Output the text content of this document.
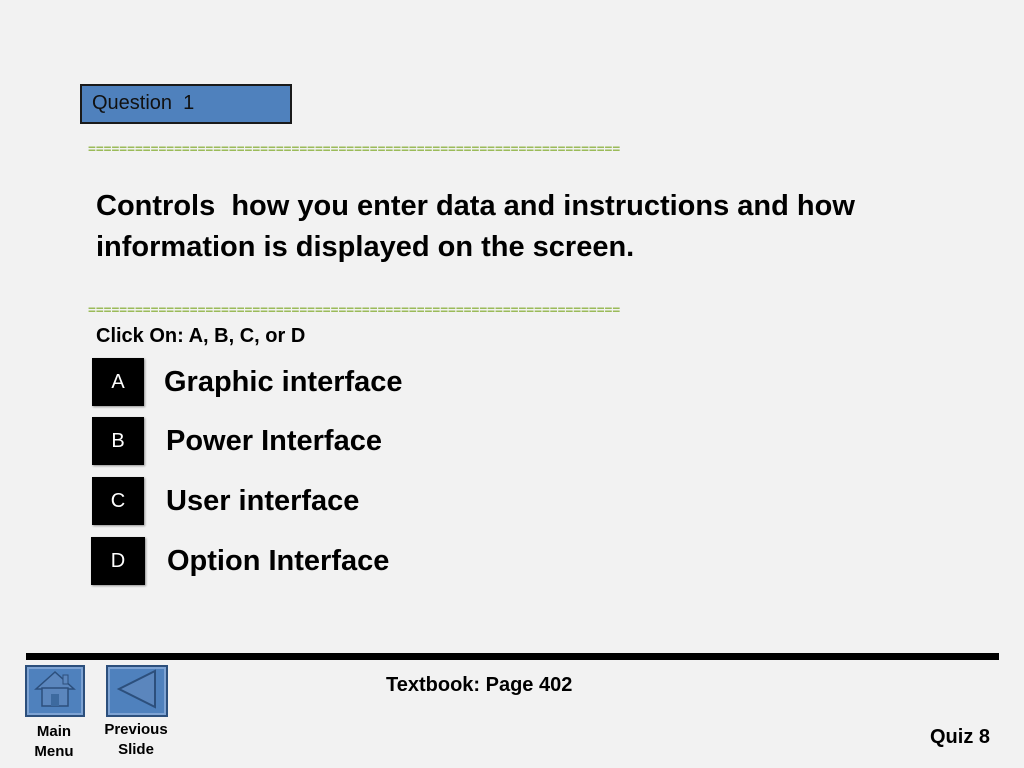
Question  1
====================================================================
Controls  how you enter data and instructions and how information is displayed on the screen.
====================================================================
Click On: A, B, C, or D
A	Graphic interface
B	Power Interface
C	User interface
D	Option Interface
Main
Menu
Previous
Slide
Textbook: Page 402
Quiz 8
